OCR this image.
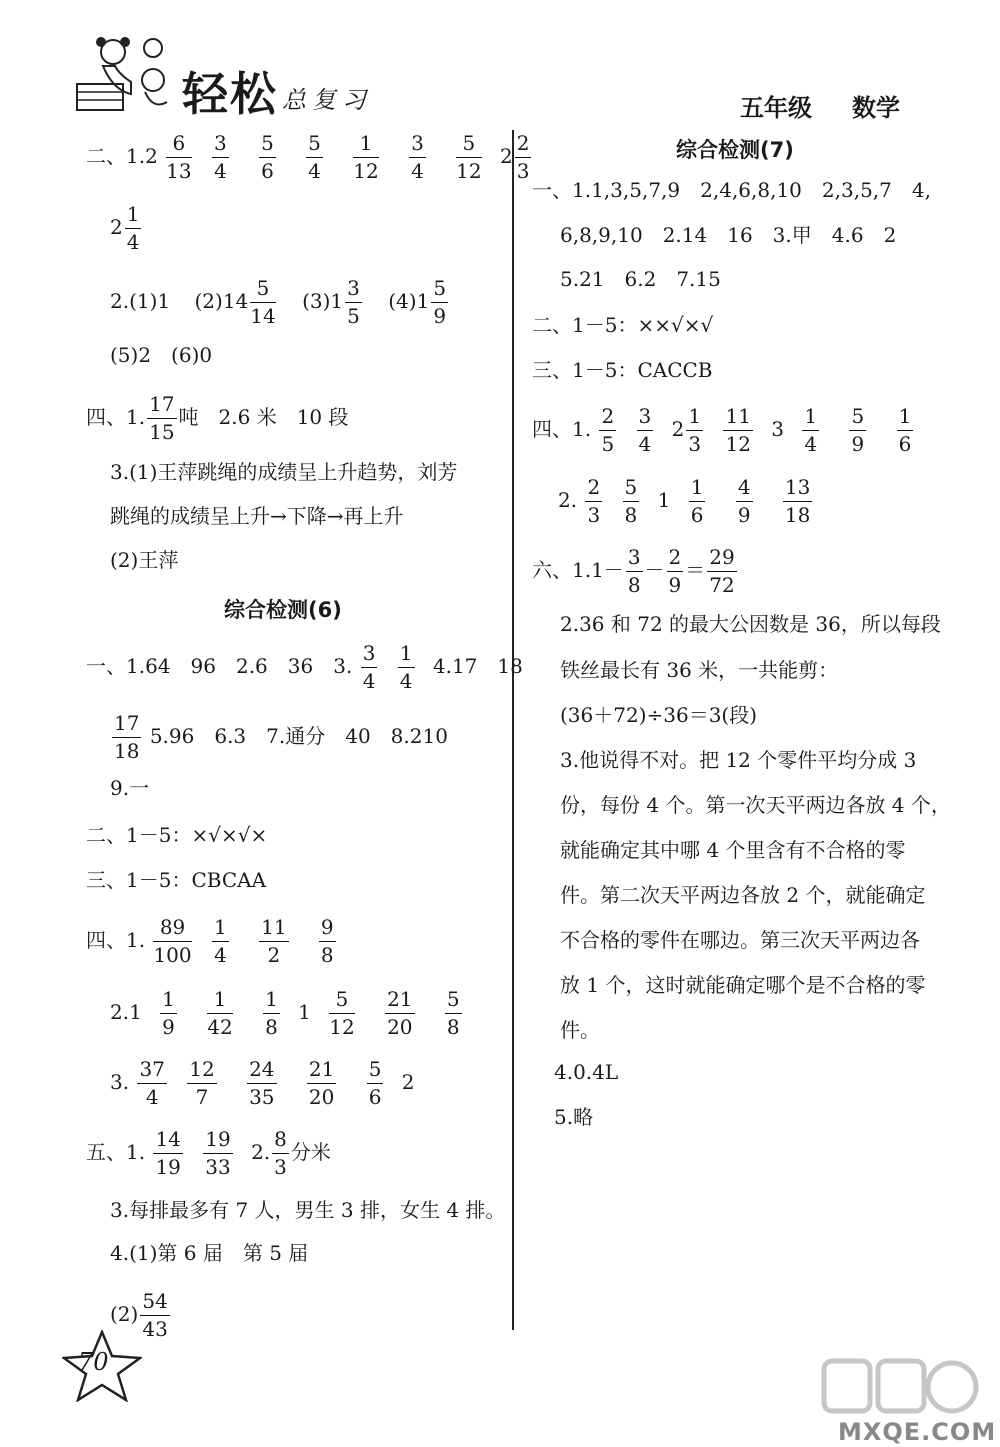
轻松 总复习	五年级 数学
二、$1.2 \frac{6}{13}$
$\frac{3}{4}$
$\frac{5}{6}$
$\frac{5}{4}$
$\frac{1}{12}$
$\frac{3}{4}$
$\frac{5}{12} 2 \frac{2}{3}$
$2 \frac{1}{4}$
2.(1)1 $(2)14 \frac{5}{14} (3)1 \frac{3}{5} (4)1 \frac{5}{9}$
(5)2　(6)0
四、1. $\frac{17}{15}$ 吨　2.6 米　10 段
3.(1)王萍跳绳的成绩呈上升趋势，刘芳
跳绳的成绩呈上升→下降→再上升
(2)王萍
综合检测(6)
一、1.64　96　2.6　36　3. $\frac{3}{4}$
$\frac{1}{4} 4.17$　18
$\frac{17}{18} 5.96$　6.3　7.通分　40　8.210
9.一
二、1－5：×√×√×
三、1－5：CBCAA
四、1. $\frac{89}{100}$
$\frac{1}{4}$
$\frac{11}{2}$
$\frac{9}{8}$
$2.1 \frac{1}{9}$
$\frac{1}{42}$
$\frac{1}{8} 1 \frac{5}{12}$
$\frac{21}{20}$
$\frac{5}{8}$
3. $\frac{37}{4}$
$\frac{12}{7}$
$\frac{24}{35}$
$\frac{21}{20}$
$\frac{5}{6} 2$
五、1. $\frac{14}{19}$
$\frac{19}{33} 2$. $\frac{8}{3}$ 分米
3.每排最多有 7 人，男生 3 排，女生 4 排。
4.(1)第 6 届　第 5 届
$(2) \frac{54}{43}$
综合检测(7)
一、1.1,3,5,7,9　2,4,6,8,10　2,3,5,7　4,
6,8,9,10　2.14　16　3.甲　4.6　2
5.21　6.2　7.15
二、1－5：××√×√
三、1－5：CACCB
四、1. $\frac{2}{5}$
$\frac{3}{4} 2 \frac{1}{3}$
$\frac{11}{12} 3 \frac{1}{4}$
$\frac{5}{9}$
$\frac{1}{6}$
2. $\frac{2}{3}$
$\frac{5}{8} 1 \frac{1}{6}$
$\frac{4}{9}$
$\frac{13}{18}$
六、$1.1- \frac{3}{8} - \frac{2}{9} = \frac{29}{72}$
2.36 和 72 的最大公因数是 36，所以每段
铁丝最长有 36 米，一共能剪：
(36＋72)÷36＝3(段)
3.他说得不对。把 12 个零件平均分成 3
份，每份 4 个。第一次天平两边各放 4 个，
就能确定其中哪 4 个里含有不合格的零
件。第二次天平两边各放 2 个，就能确定
不合格的零件在哪边。第三次天平两边各
放 1 个，这时就能确定哪个是不合格的零
件。
4.0.4L
5.略
70
MXQE.COM
